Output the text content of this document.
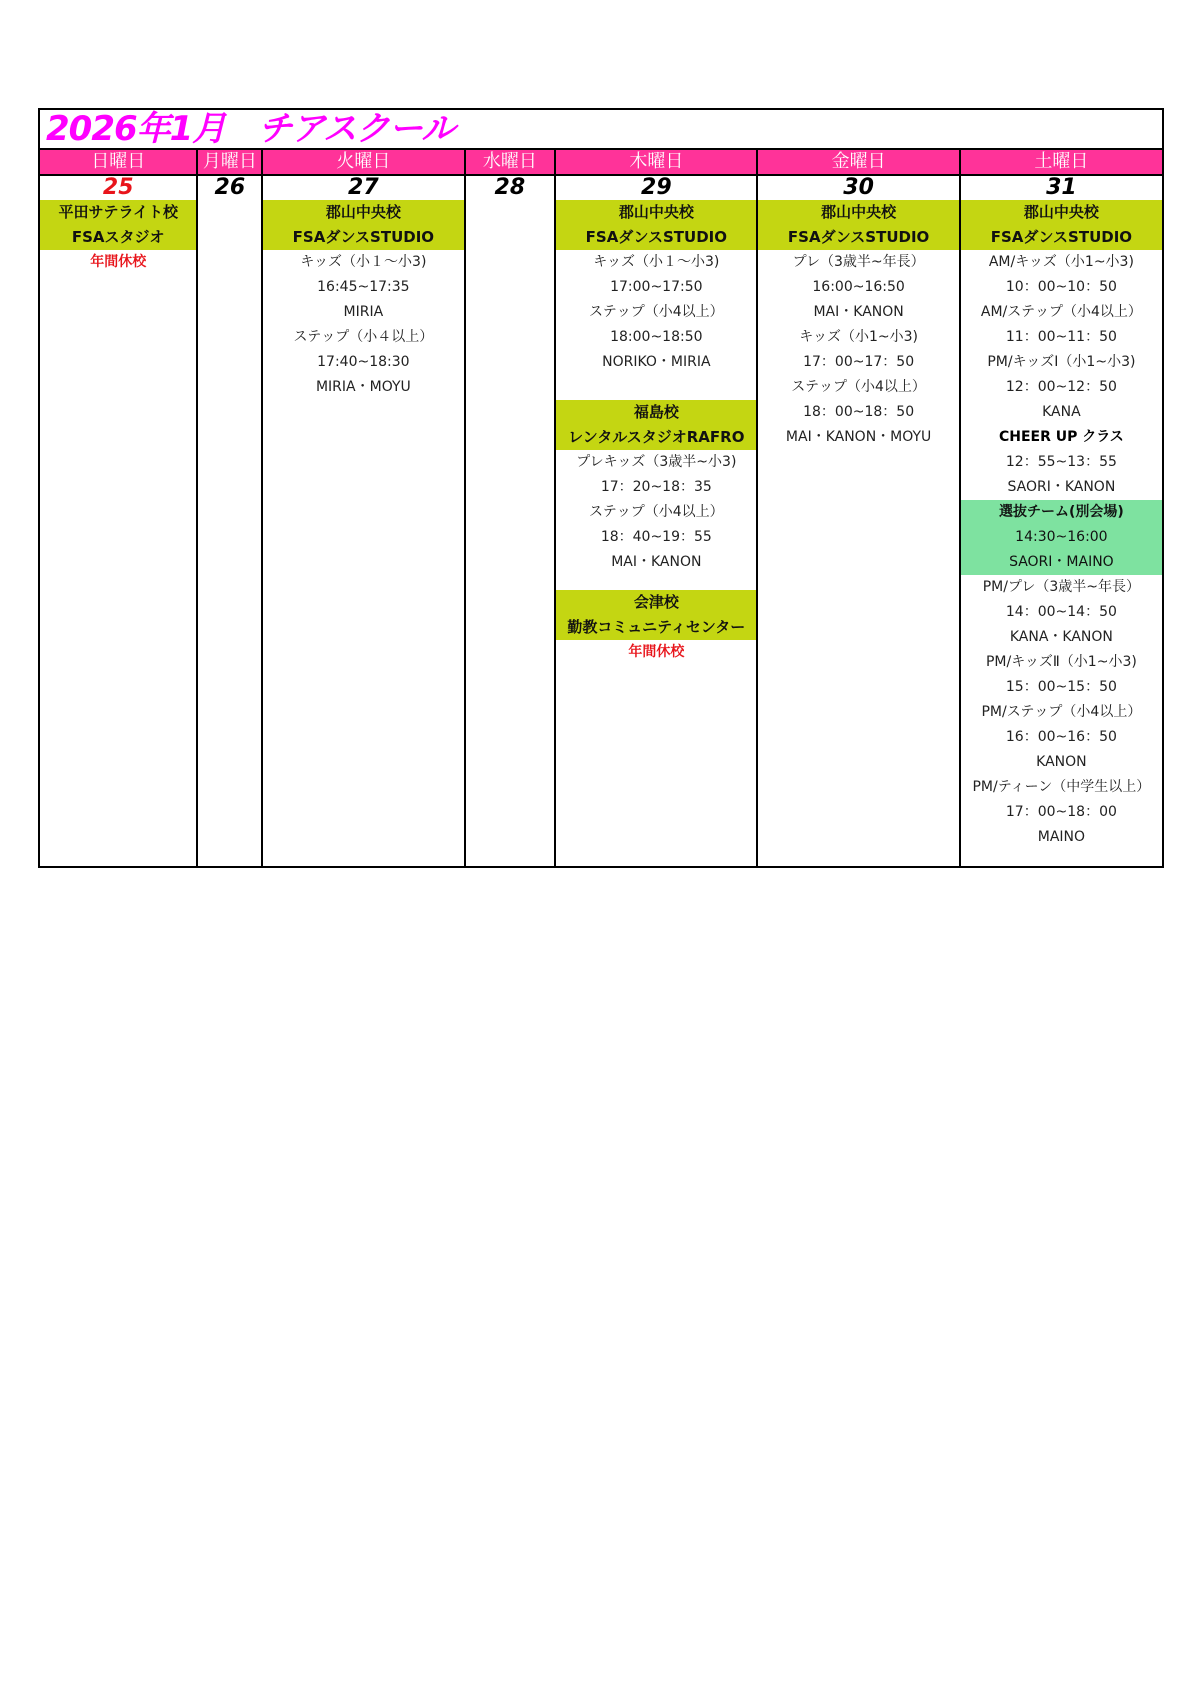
2026年1月　チアスクール
日曜日
25
平田サテライト校
FSAスタジオ
年間休校
月曜日
26
火曜日
27
郡山中央校
FSAダンスSTUDIO
キッズ（小１～小3)
16:45~17:35
MIRIA
ステップ（小４以上）
17:40~18:30
MIRIA・MOYU
水曜日
28
木曜日
29
郡山中央校
FSAダンスSTUDIO
キッズ（小１～小3)
17:00~17:50
ステップ（小4以上）
18:00~18:50
NORIKO・MIRIA
福島校
レンタルスタジオRAFRO
プレキッズ（3歳半~小3)
17：20~18：35
ステップ（小4以上）
18：40~19：55
MAI・KANON
会津校
勤教コミュニティセンター
年間休校
金曜日
30
郡山中央校
FSAダンスSTUDIO
プレ（3歳半~年長）
16:00~16:50
MAI・KANON
キッズ（小1~小3)
17：00~17：50
ステップ（小4以上）
18：00~18：50
MAI・KANON・MOYU
土曜日
31
郡山中央校
FSAダンスSTUDIO
AM/キッズ（小1~小3)
10：00~10：50
AM/ステップ（小4以上）
11：00~11：50
PM/キッズⅠ（小1~小3)
12：00~12：50
KANA
CHEER UP クラス
12：55~13：55
SAORI・KANON
選抜チーム(別会場)
14:30~16:00
SAORI・MAINO
PM/プレ（3歳半~年長）
14：00~14：50
KANA・KANON
PM/キッズⅡ（小1~小3)
15：00~15：50
PM/ステップ（小4以上）
16：00~16：50
KANON
PM/ティーン（中学生以上）
17：00~18：00
MAINO
